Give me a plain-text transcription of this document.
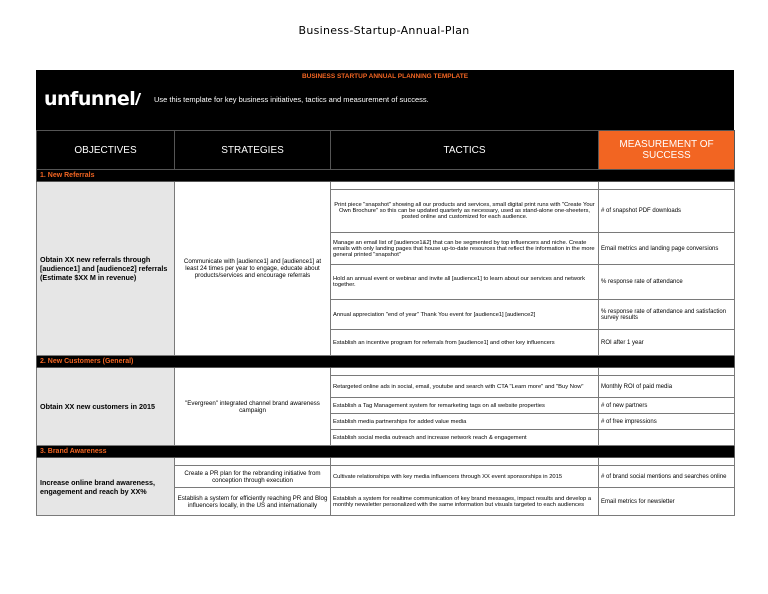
Business-Startup-Annual-Plan
BUSINESS STARTUP ANNUAL PLANNING TEMPLATE
unfunnel	Use this template for key business initiatives, tactics and measurement of success.
OBJECTIVES	STRATEGIES	TACTICS	MEASUREMENT OF SUCCESS
1. New Referrals			
Obtain XX new referrals through [audience1] and [audience2] referrals (Estimate $XX M in revenue)	Communicate with [audience1] and [audience1] at least 24 times per year to engage, educate about products/services and encourage referrals		
		Print piece "snapshot" showing all our products and services, small digital print runs with "Create Your Own Brochure" so this can be updated quarterly as necessary, used as stand-alone one-sheeters, posted online and customized for each audience.	# of snapshot PDF downloads
		Manage an email list of [audience1&2] that can be segmented by top influencers and niche. Create emails with only landing pages that house up-to-date resources that reflect the information in the more general printed "snapshot"	Email metrics and landing page conversions
		Hold an annual event or webinar and invite all [audience1] to learn about our services and network together.	% response rate of attendance
		Annual appreciation "end of year" Thank You event for [audience1] [audience2]	% response rate of attendance and satisfaction survey results
		Establish an incentive program for referrals from [audience1] and other key influencers	ROI after 1 year
2. New Customers (General)			
Obtain XX new customers in 2015	"Evergreen" integrated channel brand awareness campaign		
		Retargeted online ads in social, email, youtube and search with CTA "Learn more" and "Buy Now"	Monthly ROI of paid media
		Establish a Tag Management system for remarketing tags on all website properties	# of new partners
		Establish media partnerships for added value media	# of free impressions
		Establish social media outreach and increase network reach & engagement	
3. Brand Awareness			
Increase online brand awareness, engagement and reach by XX%			
	Create a PR plan for the rebranding initiative from conception through execution	Cultivate relationships with key media influencers through XX event sponsorships in 2015	# of brand social mentions and searches online
	Establish a system for efficiently reaching PR and Blog influencers locally, in the US and internationally	Establish a system for realtime communication of key brand messages, impact results and develop a monthly newsletter personalized with the same information but visuals targeted to each audiences	Email metrics for newsletter
